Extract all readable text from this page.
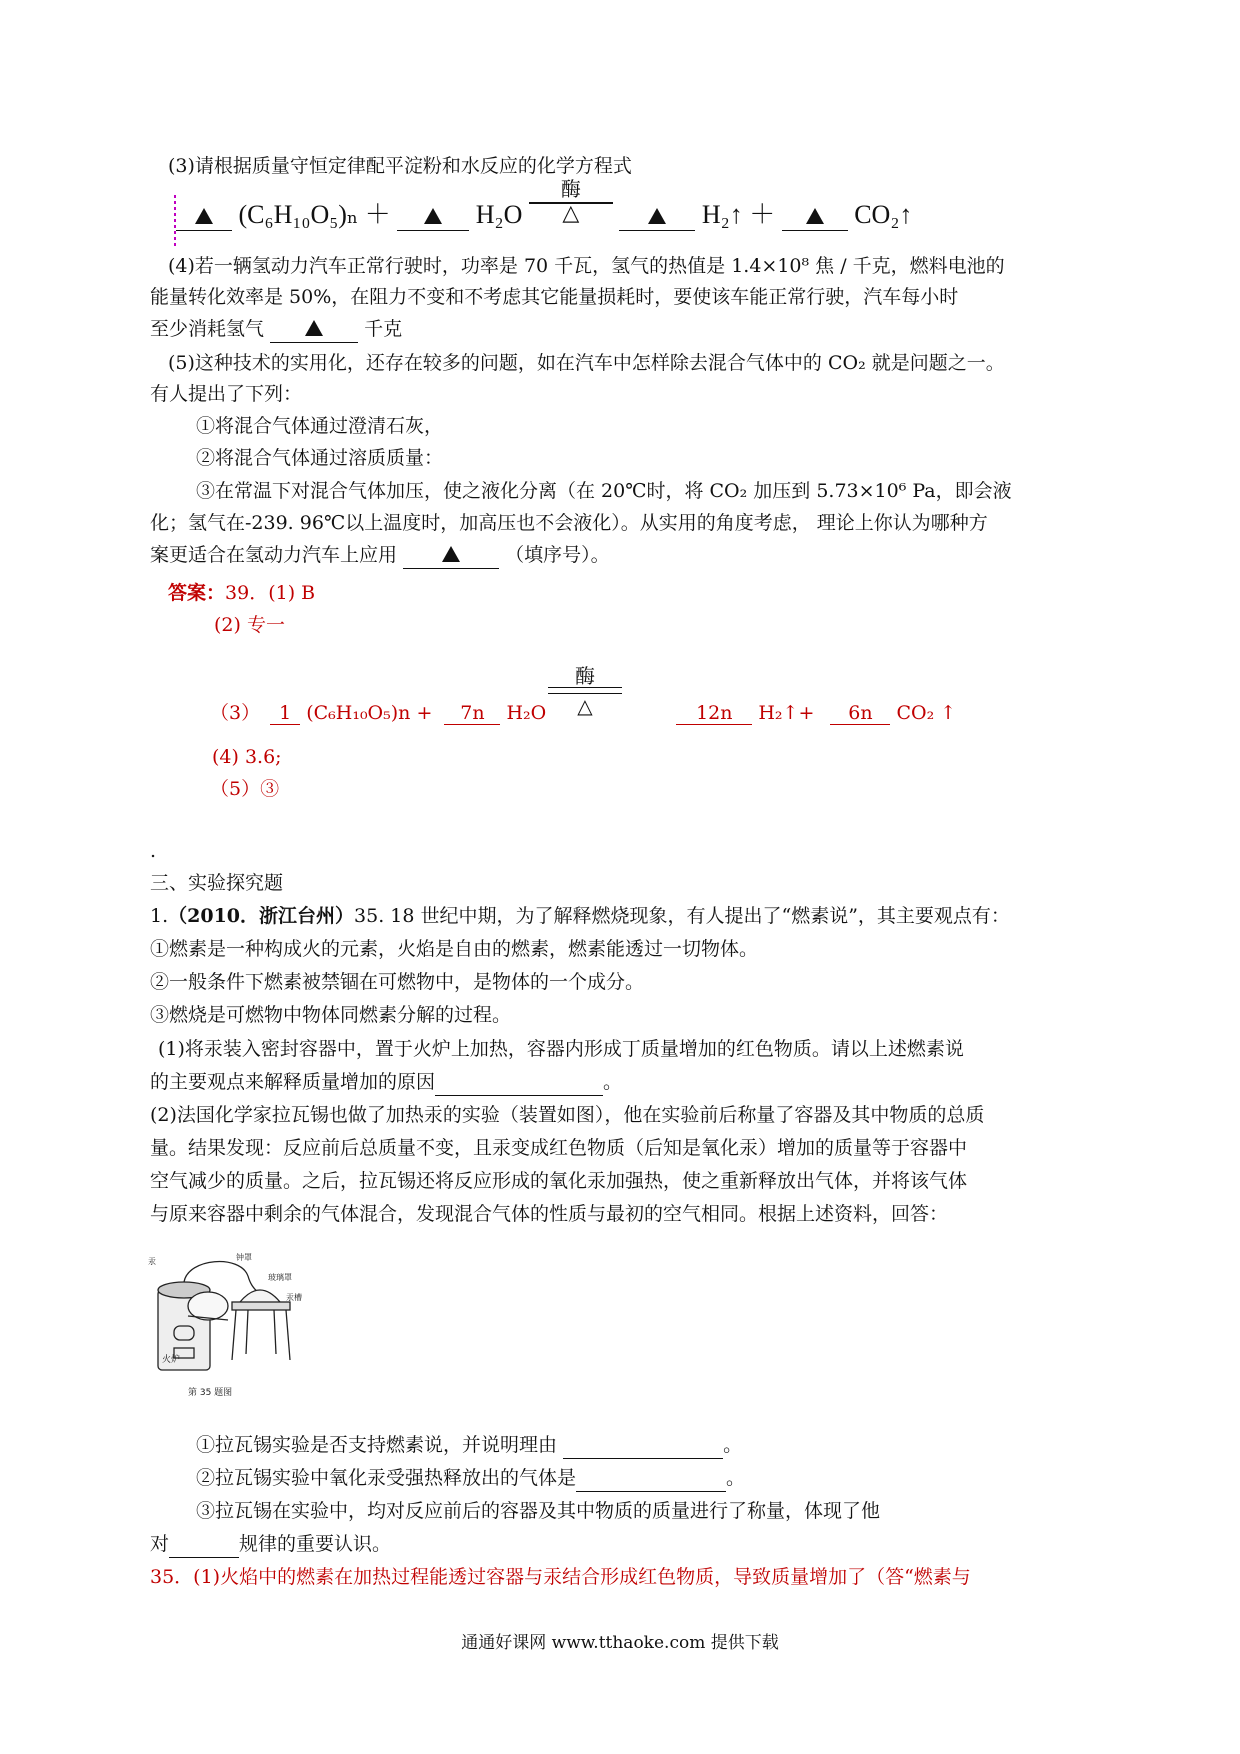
(3)请根据质量守恒定律配平淀粉和水反应的化学方程式
(C₆H₁₀O₅)ₙ ＋	H₂O
酶
△	H₂↑ ＋	CO₂↑
(4)若一辆氢动力汽车正常行驶时，功率是 70 千瓦，氢气的热值是 1.4×10⁸ 焦 / 千克，燃料电池的
能量转化效率是 50%，在阻力不变和不考虑其它能量损耗时，要使该车能正常行驶，汽车每小时
至少消耗氢气	千克
(5)这种技术的实用化，还存在较多的问题，如在汽车中怎样除去混合气体中的 CO₂ 就是问题之一。
有人提出了下列：
①将混合气体通过澄清石灰，
②将混合气体通过溶质质量：
③在常温下对混合气体加压，使之液化分离（在 20℃时，将 CO₂ 加压到 5.73×10⁶ Pa，即会液
化；氢气在-239. 96℃以上温度时，加高压也不会液化）。从实用的角度考虑， 理论上你认为哪种方
案更适合在氢动力汽车上应用	（填序号）。
答案：39．(1) B
(2) 专一
酶
△
（3） 1 (C₆H₁₀O₅)n + 7n H₂O	12n H₂↑+ 6n CO₂ ↑
(4) 3.6;
（5）③
.
三、实验探究题
1.（2010．浙江台州）35. 18 世纪中期，为了解释燃烧现象，有人提出了“燃素说”，其主要观点有：
①燃素是一种构成火的元素，火焰是自由的燃素，燃素能透过一切物体。
②一般条件下燃素被禁锢在可燃物中，是物体的一个成分。
③燃烧是可燃物中物体同燃素分解的过程。
(1)将汞装入密封容器中，置于火炉上加热，容器内形成丁质量增加的红色物质。请以上述燃素说
的主要观点来解释质量增加的原因	。
(2)法国化学家拉瓦锡也做了加热汞的实验（装置如图），他在实验前后称量了容器及其中物质的总质
量。结果发现：反应前后总质量不变，且汞变成红色物质（后知是氧化汞）增加的质量等于容器中
空气减少的质量。之后，拉瓦锡还将反应形成的氧化汞加强热，使之重新释放出气体，并将该气体
与原来容器中剩余的气体混合，发现混合气体的性质与最初的空气相同。根据上述资料，回答：
汞	钟罩
玻璃罩
汞槽
火炉
第 35 题图
①拉瓦锡实验是否支持燃素说，并说明理由	。
②拉瓦锡实验中氧化汞受强热释放出的气体是	。
③拉瓦锡在实验中，均对反应前后的容器及其中物质的质量进行了称量，体现了他
对	规律的重要认识。
35．(1)火焰中的燃素在加热过程能透过容器与汞结合形成红色物质，导致质量增加了（答“燃素与
通通好课网 www.tthaoke.com 提供下载
